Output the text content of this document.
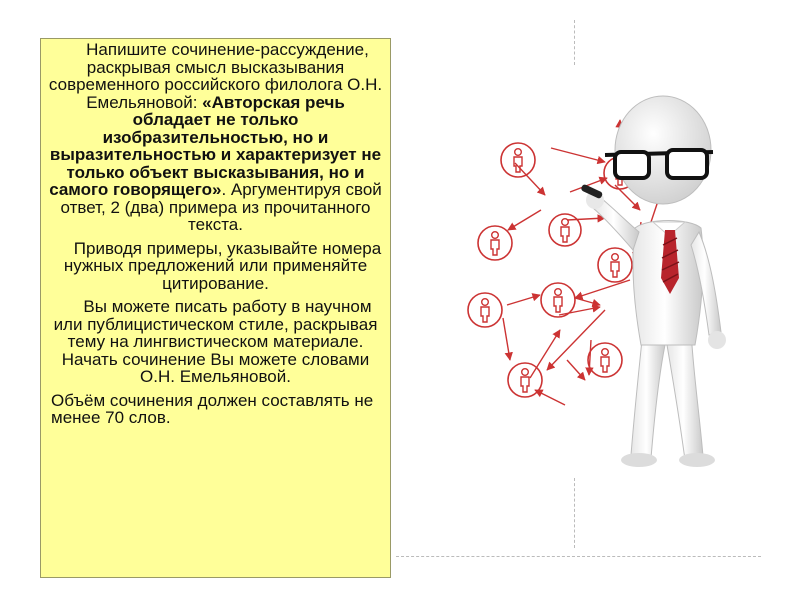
Напишите сочинение-рассуждение, раскрывая смысл высказывания современного российского филолога О.Н. Емельяновой: «Авторская речь обладает не только изобразительностью, но и выразительностью и характеризует не только объект высказывания, но и самого говорящего». Аргументируя свой ответ, 2 (два) примера из прочитанного текста.

Приводя примеры, указывайте номера нужных предложений или применяйте цитирование.

Вы можете писать работу в научном или публицистическом стиле, раскрывая тему на лингвистическом материале. Начать сочинение Вы можете словами О.Н. Емельяновой.

Объём сочинения должен составлять не менее 70 слов.
